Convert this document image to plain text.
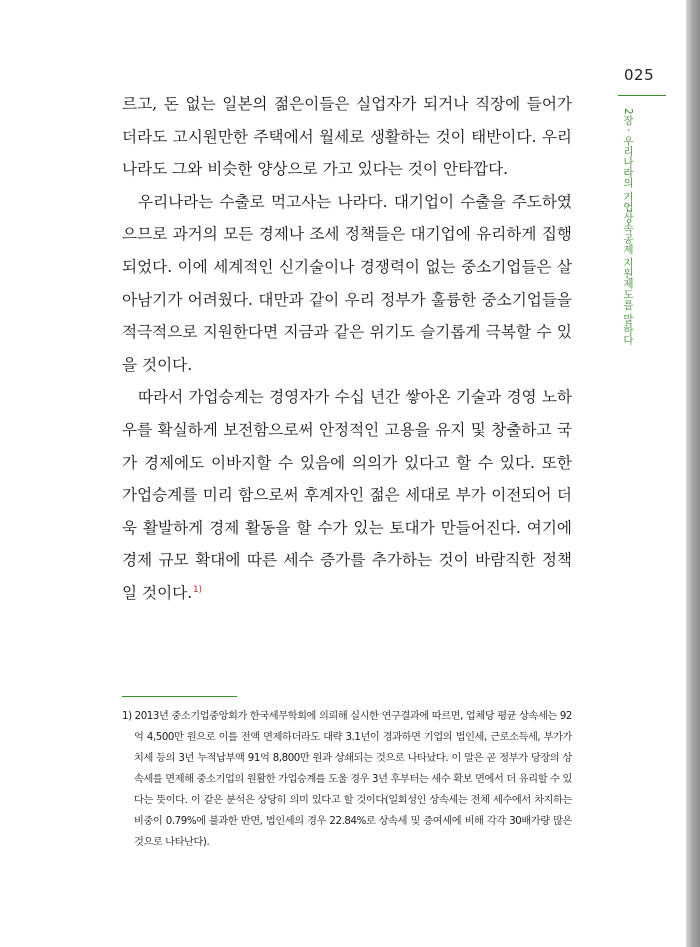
025
2장 · 우리나라의 기업상속공제 지원제도를 말하다

르고, 돈 없는 일본의 젊은이들은 실업자가 되거나 직장에 들어가더라도 고시원만한 주택에서 월세로 생활하는 것이 태반이다. 우리나라도 그와 비슷한 양상으로 가고 있다는 것이 안타깝다.

우리나라는 수출로 먹고사는 나라다. 대기업이 수출을 주도하였으므로 과거의 모든 경제나 조세 정책들은 대기업에 유리하게 집행되었다. 이에 세계적인 신기술이나 경쟁력이 없는 중소기업들은 살아남기가 어려웠다. 대만과 같이 우리 정부가 훌륭한 중소기업들을 적극적으로 지원한다면 지금과 같은 위기도 슬기롭게 극복할 수 있을 것이다.

따라서 가업승계는 경영자가 수십 년간 쌓아온 기술과 경영 노하우를 확실하게 보전함으로써 안정적인 고용을 유지 및 창출하고 국가 경제에도 이바지할 수 있음에 의의가 있다고 할 수 있다. 또한 가업승계를 미리 함으로써 후계자인 젊은 세대로 부가 이전되어 더욱 활발하게 경제 활동을 할 수가 있는 토대가 만들어진다. 여기에 경제 규모 확대에 따른 세수 증가를 추가하는 것이 바람직한 정책일 것이다.$^{1)}$

1) 2013년 중소기업중앙회가 한국세무학회에 의뢰해 실시한 연구결과에 따르면, 업체당 평균 상속세는 92억 4,500만 원으로 이를 전액 면제하더라도 대략 3.1년이 경과하면 기업의 법인세, 근로소득세, 부가가치세 등의 3년 누적납부액 91억 8,800만 원과 상쇄되는 것으로 나타났다. 이 말은 곧 정부가 당장의 상속세를 면제해 중소기업의 원활한 가업승계를 도울 경우 3년 후부터는 세수 확보 면에서 더 유리할 수 있다는 뜻이다. 이 같은 분석은 상당히 의미 있다고 할 것이다(일회성인 상속세는 전체 세수에서 차지하는 비중이 0.79%에 불과한 반면, 법인세의 경우 22.84%로 상속세 및 증여세에 비해 각각 30배가량 많은 것으로 나타난다).
